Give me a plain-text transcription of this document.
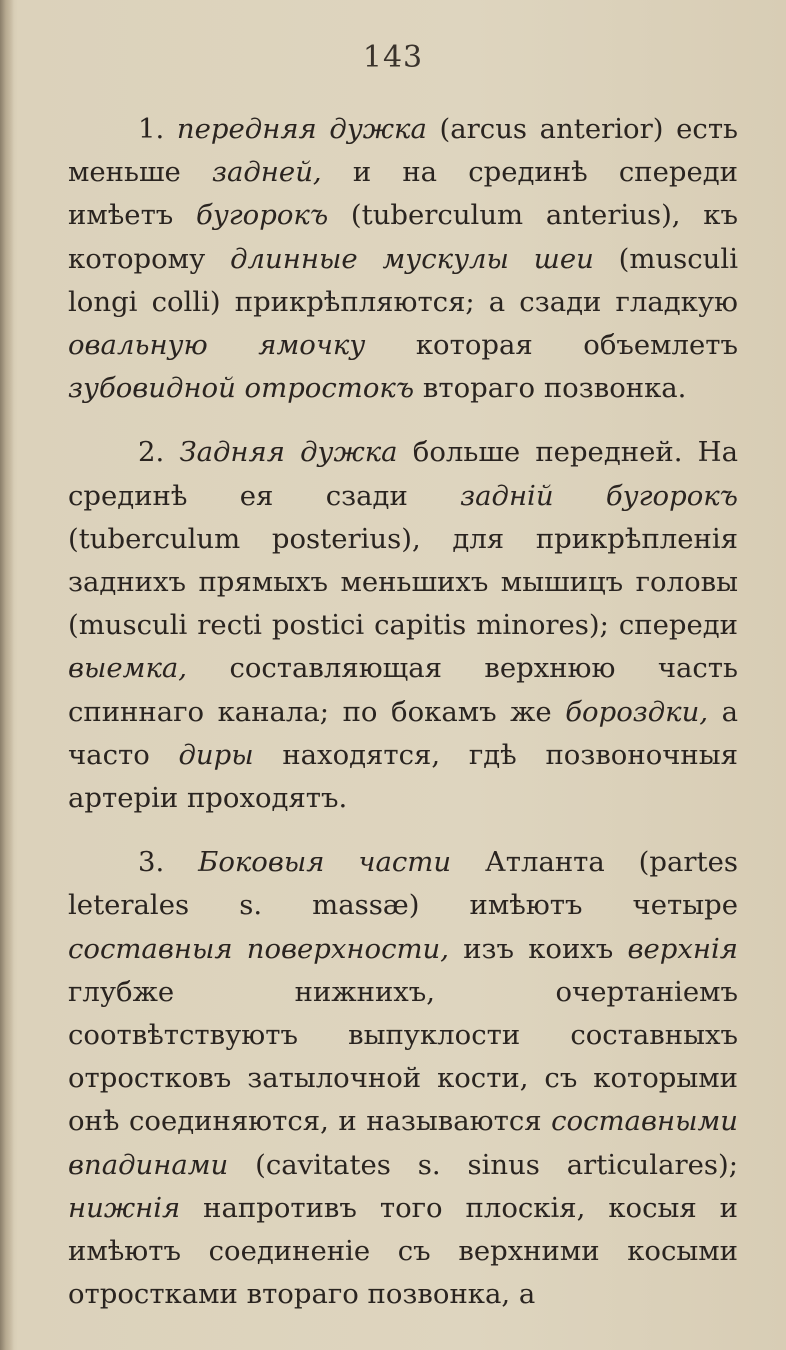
143

1. передняя дужка (arcus anterior) есть меньше задней, и на срединѣ спереди имѣетъ бугорокъ (tuberculum anterius), къ которому длинные мускулы шеи (musculi longi colli) прикрѣпляются; а сзади гладкую овальную ямочку которая объемлетъ зубовидной отростокъ втораго позвонка.

2. Задняя дужка больше передней. На срединѣ ея сзади задній бугорокъ (tuberculum posterius), для прикрѣпленія заднихъ прямыхъ меньшихъ мышицъ головы (musculi recti postici capitis minores); спереди выемка, составляющая верхнюю часть спиннаго канала; по бокамъ же бороздки, а часто диры находятся, гдѣ позвоночныя артеріи проходятъ.

3. Боковыя части Атланта (partes leterales s. massæ) имѣютъ четыре составныя поверхности, изъ коихъ верхнія глубже нижнихъ, очертаніемъ соотвѣтствуютъ выпуклости составныхъ отростковъ затылочной кости, съ которыми онѣ соединяются, и называются составными впадинами (cavitates s. sinus articulares); нижнія напротивъ того плоскія, косыя и имѣютъ соединеніе съ верхними косыми отростками втораго позвонка, а
